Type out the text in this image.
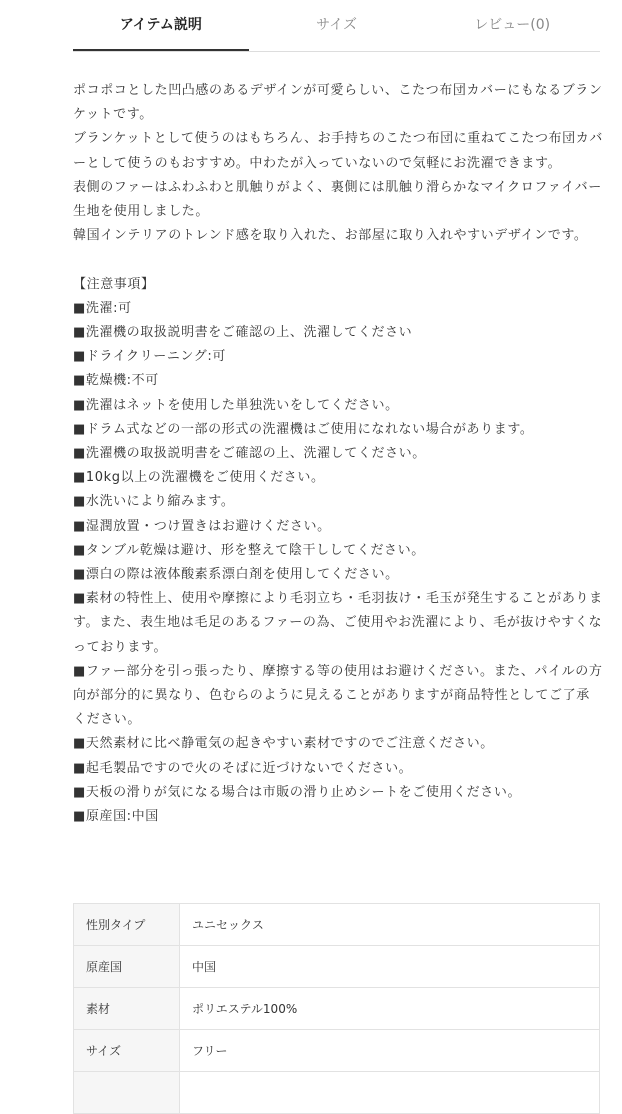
アイテム説明	サイズ	レビュー(0)
ポコポコとした凹凸感のあるデザインが可愛らしい、こたつ布団カバーにもなるブランケットです。
ブランケットとして使うのはもちろん、お手持ちのこたつ布団に重ねてこたつ布団カバーとして使うのもおすすめ。中わたが入っていないので気軽にお洗濯できます。
表側のファーはふわふわと肌触りがよく、裏側には肌触り滑らかなマイクロファイバー生地を使用しました。
韓国インテリアのトレンド感を取り入れた、お部屋に取り入れやすいデザインです。

【注意事項】
■洗濯:可
■洗濯機の取扱説明書をご確認の上、洗濯してください
■ドライクリーニング:可
■乾燥機:不可
■洗濯はネットを使用した単独洗いをしてください。
■ドラム式などの一部の形式の洗濯機はご使用になれない場合があります。
■洗濯機の取扱説明書をご確認の上、洗濯してください。
■10kg以上の洗濯機をご使用ください。
■水洗いにより縮みます。
■湿潤放置・つけ置きはお避けください。
■タンブル乾燥は避け、形を整えて陰干ししてください。
■漂白の際は液体酸素系漂白剤を使用してください。
■素材の特性上、使用や摩擦により毛羽立ち・毛羽抜け・毛玉が発生することがあります。また、表生地は毛足のあるファーの為、ご使用やお洗濯により、毛が抜けやすくなっております。
■ファー部分を引っ張ったり、摩擦する等の使用はお避けください。また、パイルの方向が部分的に異なり、色むらのように見えることがありますが商品特性としてご了承ください。
■天然素材に比べ静電気の起きやすい素材ですのでご注意ください。
■起毛製品ですので火のそばに近づけないでください。
■天板の滑りが気になる場合は市販の滑り止めシートをご使用ください。
■原産国:中国
性別タイプ	ユニセックス
原産国	中国
素材	ポリエステル100%
サイズ	フリー
